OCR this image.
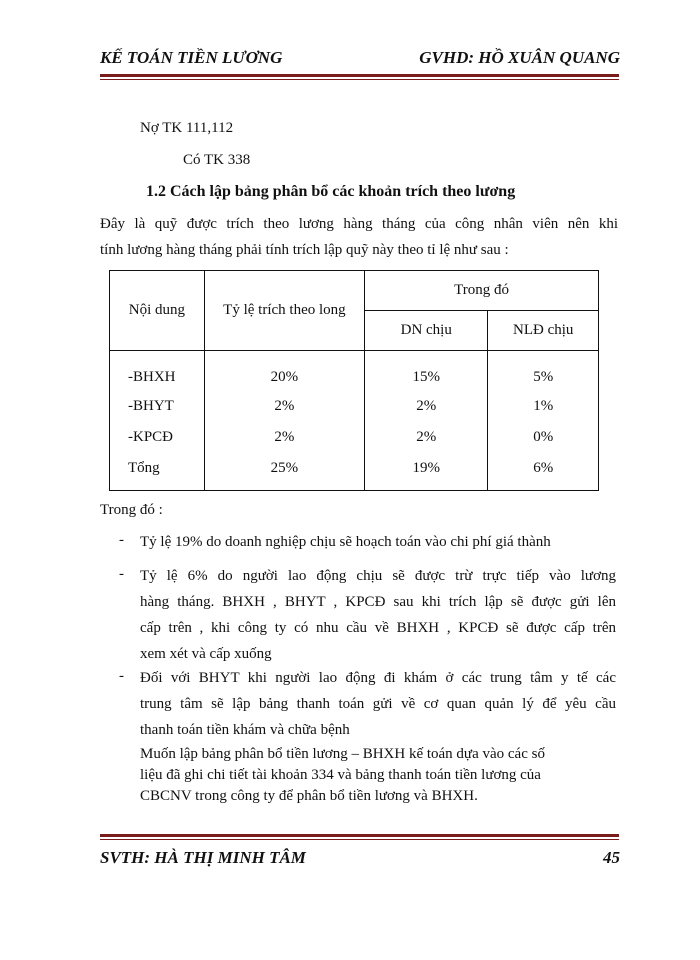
KẾ TOÁN TIỀN LƯƠNG	GVHD: HỒ XUÂN QUANG
Nợ TK 111,112
Có TK 338
1.2 Cách lập bảng phân bổ các khoản trích theo lương

Đây là quỹ được trích theo lương hàng tháng của công nhân viên nên khi

tính lương hàng tháng phải tính trích lập quỹ này theo tỉ lệ như sau :

Nội dung	Tỷ lệ trích theo long	Trong đó	
		DN chịu	NLĐ chịu
-BHXH	20%	15%	5%
-BHYT	2%	2%	1%
-KPCĐ	2%	2%	0%
Tổng	25%	19%	6%
Trong đó :
- Tỷ lệ 19% do doanh nghiệp chịu sẽ hoạch toán vào chi phí giá thành

- Tỷ lệ 6% do người lao động chịu sẽ được trừ trực tiếp vào lương

hàng tháng. BHXH , BHYT , KPCĐ sau khi trích lập sẽ được gửi lên

cấp trên , khi công ty có nhu cầu về BHXH , KPCĐ sẽ được cấp trên

xem xét và cấp xuống

- Đối với BHYT khi người lao động đi khám ở các trung tâm y tế các

trung tâm sẽ lập bảng thanh toán gửi về cơ quan quản lý để yêu cầu

thanh toán tiền khám và chữa bệnh

Muốn lập bảng phân bổ tiền lương – BHXH kế toán dựa vào các số

liệu đã ghi chi tiết tài khoản 334 và bảng thanh toán tiền lương của

CBCNV trong công ty để phân bổ tiền lương và BHXH.

SVTH: HÀ THỊ MINH TÂM	45
